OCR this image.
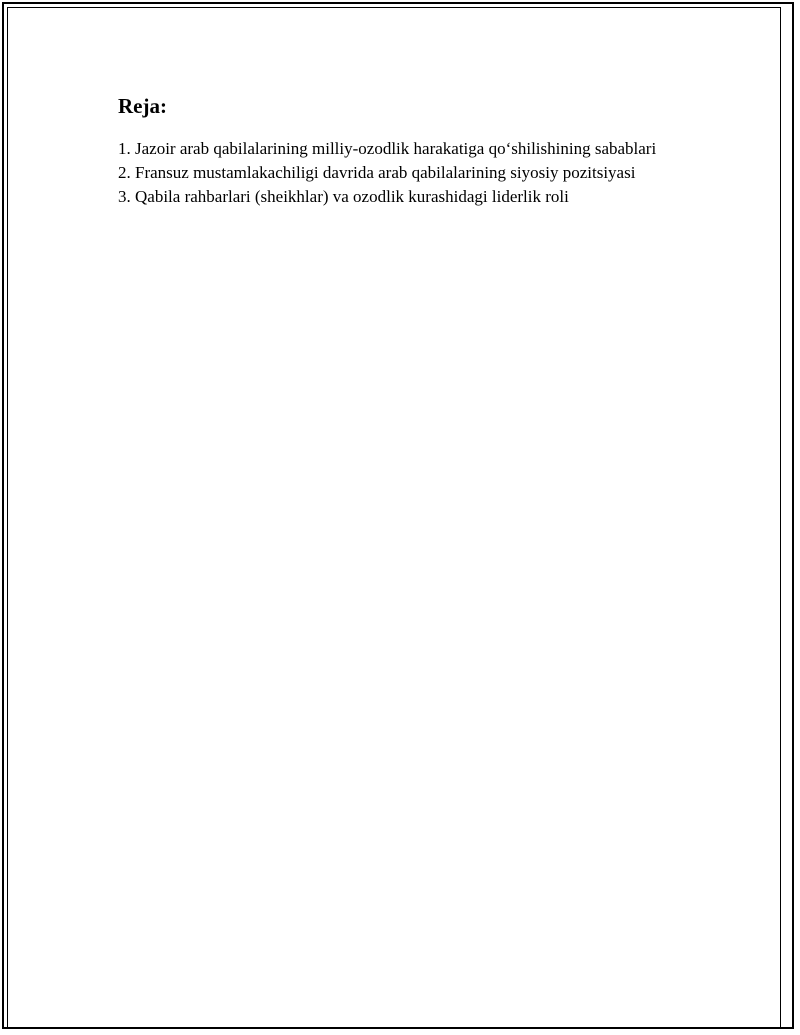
Reja:
1. Jazoir arab qabilalarining milliy-ozodlik harakatiga qo‘shilishining sabablari
2. Fransuz mustamlakachiligi davrida arab qabilalarining siyosiy pozitsiyasi
3. Qabila rahbarlari (sheikhlar) va ozodlik kurashidagi liderlik roli
